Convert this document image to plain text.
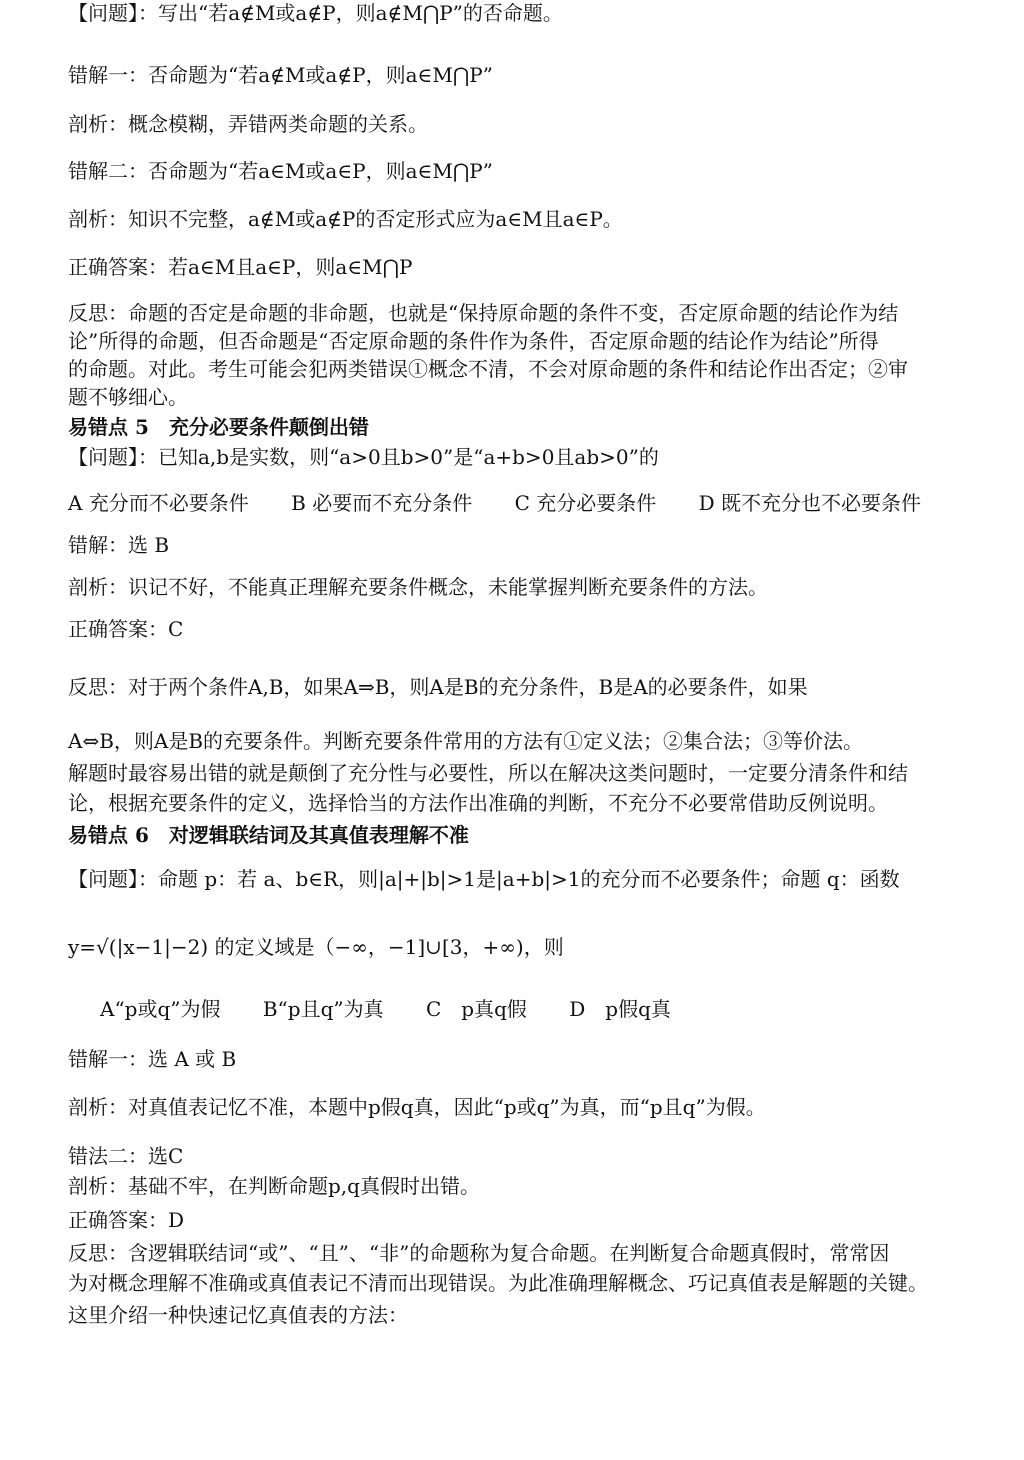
【问题】：写出“若a∉M或a∉P，则a∉M⋂P”的否命题。
错解一：否命题为“若a∉M或a∉P，则a∈M⋂P”
剖析：概念模糊，弄错两类命题的关系。
错解二：否命题为“若a∈M或a∈P，则a∈M⋂P”
剖析：知识不完整，a∉M或a∉P的否定形式应为a∈M且a∈P。
正确答案：若a∈M且a∈P，则a∈M⋂P
反思：命题的否定是命题的非命题，也就是“保持原命题的条件不变，否定原命题的结论作为结
论”所得的命题，但否命题是“否定原命题的条件作为条件，否定原命题的结论作为结论”所得
的命题。对此。考生可能会犯两类错误①概念不清，不会对原命题的条件和结论作出否定；②审
题不够细心。
易错点 5　充分必要条件颠倒出错
【问题】：已知a,b是实数，则“a>0且b>0”是“a+b>0且ab>0”的
A 充分而不必要条件 B 必要而不充分条件 C 充分必要条件 D 既不充分也不必要条件
错解：选 B
剖析：识记不好，不能真正理解充要条件概念，未能掌握判断充要条件的方法。
正确答案：C
反思：对于两个条件A,B，如果A⇒B，则A是B的充分条件，B是A的必要条件，如果
A⇔B，则A是B的充要条件。判断充要条件常用的方法有①定义法；②集合法；③等价法。
解题时最容易出错的就是颠倒了充分性与必要性，所以在解决这类问题时，一定要分清条件和结
论，根据充要条件的定义，选择恰当的方法作出准确的判断，不充分不必要常借助反例说明。
易错点 6　对逻辑联结词及其真值表理解不准
【问题】：命题 p：若 a、b∈R，则|a|+|b|>1是|a+b|>1的充分而不必要条件；命题 q：函数
y=√(|x−1|−2) 的定义域是（−∞，−1]∪[3，+∞)，则
A“p或q”为假 B“p且q”为真 C　p真q假 D　p假q真
错解一：选 A 或 B
剖析：对真值表记忆不准，本题中p假q真，因此“p或q”为真，而“p且q”为假。
错法二：选C
剖析：基础不牢，在判断命题p,q真假时出错。
正确答案：D
反思：含逻辑联结词“或”、“且”、“非”的命题称为复合命题。在判断复合命题真假时，常常因
为对概念理解不准确或真值表记不清而出现错误。为此准确理解概念、巧记真值表是解题的关键。
这里介绍一种快速记忆真值表的方法：
